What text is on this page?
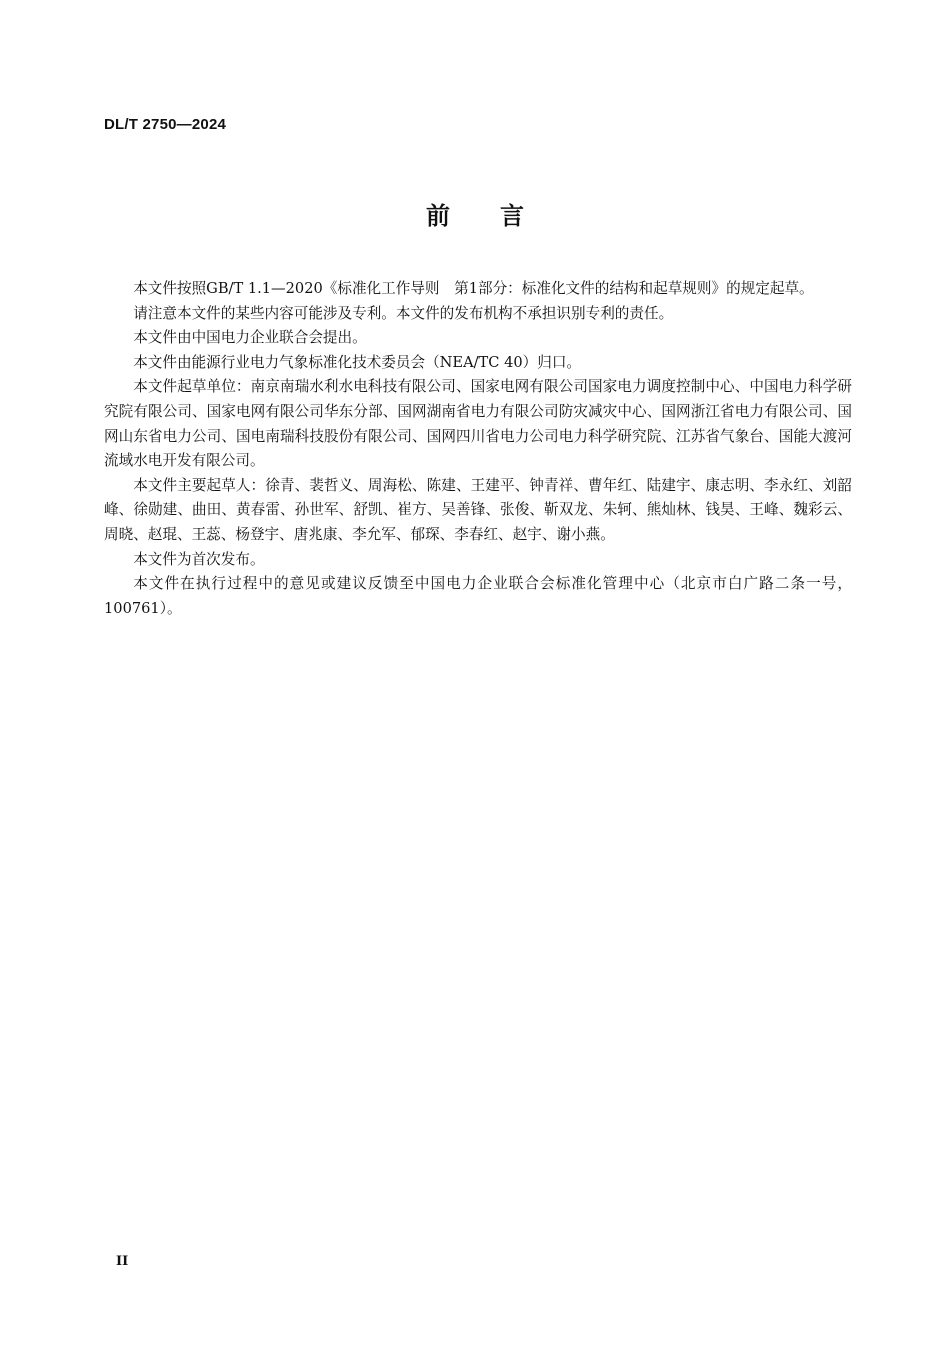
DL/T 2750—2024
前言

本文件按照GB/T 1.1—2020《标准化工作导则　第1部分：标准化文件的结构和起草规则》的规定起草。

请注意本文件的某些内容可能涉及专利。本文件的发布机构不承担识别专利的责任。

本文件由中国电力企业联合会提出。

本文件由能源行业电力气象标准化技术委员会（NEA/TC 40）归口。

本文件起草单位：南京南瑞水利水电科技有限公司、国家电网有限公司国家电力调度控制中心、中国电力科学研究院有限公司、国家电网有限公司华东分部、国网湖南省电力有限公司防灾减灾中心、国网浙江省电力有限公司、国网山东省电力公司、国电南瑞科技股份有限公司、国网四川省电力公司电力科学研究院、江苏省气象台、国能大渡河流域水电开发有限公司。

本文件主要起草人：徐青、裴哲义、周海松、陈建、王建平、钟青祥、曹年红、陆建宇、康志明、李永红、刘韶峰、徐勋建、曲田、黄春雷、孙世军、舒凯、崔方、吴善锋、张俊、靳双龙、朱轲、熊灿林、钱昊、王峰、魏彩云、周晓、赵琨、王蕊、杨登宇、唐兆康、李允军、郁琛、李春红、赵宇、谢小燕。

本文件为首次发布。

本文件在执行过程中的意见或建议反馈至中国电力企业联合会标准化管理中心（北京市白广路二条一号，100761）。

II
